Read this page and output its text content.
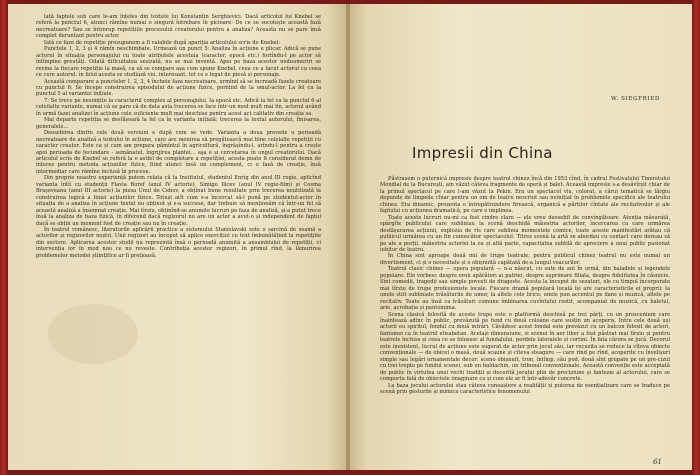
lată faptele sub care le-am înțeles din textele lui Konstantin Serghievici. Dacă articolul lui Knebel se referă la punctul 6, atunci rămîne numai o singură întrebare în picioare: De ce se socotește această fază necreatoare? Sau se întrerup repetițiile procesului creatorului pentru a analiza? Aceasta nu se pare însă complet deruntant pentru actor.

Iată ce faze de repetiție presupunem a fi valabile după apariția articolului scris de Knebel:

Punctele 1, 2, 3 și 4 rămîn neschimbate. Urmează un punct 5: Analiza în acțiune e plicar. Adică se pune actorul în situația personajului cu toate atributele acestuia (caracter, epocă etc.) fortîndu-l pe actor să întîmpine greutăți. Odată dificultatea sesizată, nu se mai inventă. Apoi pe baza acestor neduumeriri se revine la fiecare repetiție la masă, ca să se compare aşa cum spune Knebel, ceea ce a facut actorul cu ceea ce cere autorul. în felul acesta se studiază viu, interesant, tot ce e legat de piesă și personaje.

Această comparare a punctelor 1, 2, 3, 4 încheie faza necreatoare, urmînd să se încreadă fazele creatoare cu punctul 6: Se începe construirea episodului de acțiune fizice, pornind de la omul-actor. La fel ca la punctul 5 al variantei inițiale.

7: Se trece pe nesimțite la caracterul complex al personajului, la epocă etc. Adică la fel ca la punctul 6 al celeilalte variante, numai că se pare că de data asta trecerea se face într-un mod mult mai lin, actorul având în urmă fazei analizei în acțiune cele suficiente mult mai deschise pentru acest act calitativ din creația sa.

Mai departe repetiția se desfășoară la fel ca în varianta inițială: trecerea la textul autorului, finisarea, generalele...

Deosebirea dintre cele două versiuni e după cum se vede. Varianta a doua prevede o perioadă necreatoare de analiză a textului în acțiune, care are menirea să pregătească mai bine celelalte repetiții cu caracter creator. Este ca și cum am prepara pămîntul în agricultură, îngrășîndu-l, arîndu-l pentru a crește apoi perioada de fecundare - semănatul, îngrijirea plantei... aşa e și cercetarea în ungul creatorului. Dacă articolul scris de Knebel se referă la o astfel de completare a repetiției, acesta poate fi considerat demn de interes pentru metoda acțiunilor fizice, fiind atunci însă un complement, ci o fază de creație, însă intermediar care rămîne inclusă în procese.

Din proprie noastre experiență putem relata că la Institutul, studentul Enrig din anul III regie, aplicînd varianta întîi cu studenții Flavia Buref (anul IV actorie), Simige Ilicev (anul IV regie-film) și Cosma Brașoveanu (anul III actorie) la piesa Unul de Cebov, a obținut bune rezultate prin trecerea neutilizată la construirea logică a liniei acțiunilor fizice. Totuși atît cum s-a încercat să-l pună pe studentul-actor în situația de a analiza în acțiune textul nu obținut și s-a succese, dar trebuie să menționăm că într-un fel să această analiză a însemnat creație. Mai tîrziu, obținînd-se anumite lucruri pe faza de analiză, și-a putut trece însă la analiza de baza fizică, în diferend dacă regizorul nu are un actor a avut-o și independent de faptul dacă se obțin un moment fost de creație sau nu în creație.

În teatrul românesc, literaturile aplicării practice a sistemului Stanislavski este o sarcină de seamă a actorilor și regizorilor noștri. Unii regizori au început să aplice exercițiul cu text îmbunătățind la repetițiile din sectore. Aplicarea acestor studii nu reprezintă însă o perioadă anumită a ansamblului de repetiții, ci intervenția lor în mod nou ce nu reveste. Contribuția acestor regizori, în primul rînd, la lămurirea problemelor metodei științifice ar fi prețioasă.

W. SIEGFRIED
Impresii din China

Păstrasem o puternică impresie despre teatrul chinez încă din 1953 cînd, în cadrul Festivalului Tineretului Mondial de la București, am văzut câteva fragmente de operă și balet. Această impresie s-a desăvîrșit chiar de la primul spectacol pe care l-am văzut la Pekin. Era un spectacol viu, colorat, a cărui tematică se lărgiu depunde de limpede chiar pentru un om de teatru nescriut sau neinițiat în problemele specifice ale teatrului chinez. Era dinamic, prezenta o întrepătrundere firească, organică a părților cîntate ale recitativelor și ale faptului cu acțiunea dramatică, pe care o implinea.

Toate aceste lucruri nu-mi ca fost cindre clare — ele ereu deosebit de convingătoare. Atenția măsurată, spărgîte publicului care subliniau la scenă deschidă măiestria actorilor, încercarea ca care urmărea desfășurarea acțiunii, explozia de rîs care sublinia momentele comice, toate aceste manifestări arătau că publicul urmărea cu un fin cunoscător spectacolul. Titrez scenă la artă se abordau cu contact care doreau să pe ale a porții, măiestria actoriei la ea și altă parte, capacitatea subtilă de apreciere a unui public pasionat iubitor de teatru.

În China sint aproape două mii de trupe teatrale; pentru publicul chinez teatrul nu este numai un divertisment, ci și o necesitate și o obișnuită capătată de-a lungul veacurilor.

Teatrul clasic chinez — opera populară — n-a născut, cu sute de ani în urmă, din baladele și legendele populare. Ele vorbesc despre eroii apărători ai patriei, despre suprimare filiala, despre fidelitatea în căsnicie. Sînt comedii, tragedii sau simple povești de dragoste. Acesta la început de sezatori, ele cu timpul încorporate mai tîrziu de trupe profesioniste locale. Fiecare dramă populară locală își are caracteristicile ei proprii: la unele stilt subliniate trăsăturile de umor, la altele cele lirice; unele pun accentul pe dans și muzică, altele pe recitativ. Toate au însă ca trăsături comune îmbinarea cuvîntului rostit, acompaniat de muzică, cu baletul, arie, acrobația și pantomima.

Scena clasică folosită de aceste trupe este o platformă deschisă pe trei părți, cu un proscenium care înaintează adînc în public, prevăzută pe fund cu două coloane care susțin un acoperiș. Intre cele două uși actorii eu spiritul, fondul cu două intrări. Căvădesc acest fondal este prevăzut cu un balcon folosit de actori, fantomei ca în teatrul elisabetan. Același dimensiune, si scenei în aer liber a fost păstrat mai tîrziu și pentru teatrele închise și ceea ce se folosesc al fundalului, perdele lateralele și cortini. În fata cărora se jucă. Decorul este inexistent, lucrul de acțiune este sugerat de actor prin jocul său, iar recuzita se reduce la cîteva obiecte convenționale — de obicei o masă, două scaune și cîteva steagure — care rînd pe rînd, acoperite cu învelișuri simple sau legări ornamentale decor: sceno obișnuit, tron, întîmp, său pod, două sînt grupate pe un pre-cizul cu trei trepte pe fundul scenei, sub un baldachin, un tribunal convenționale. Această convenție este acceptată de public în virtutea unei vechi tradiții și docerită jocului plin de preciziune și fantezie al actorului, care se comporta fată de obiectele imaginare ca și cum ele ar fi într-adevăr concrete.

La baza jocului actorului stau câteva cunoaștere a realității și puterea de esențializare care se traduce pe scenă prin gesturile și mimica caracteristice fenomenului

61
